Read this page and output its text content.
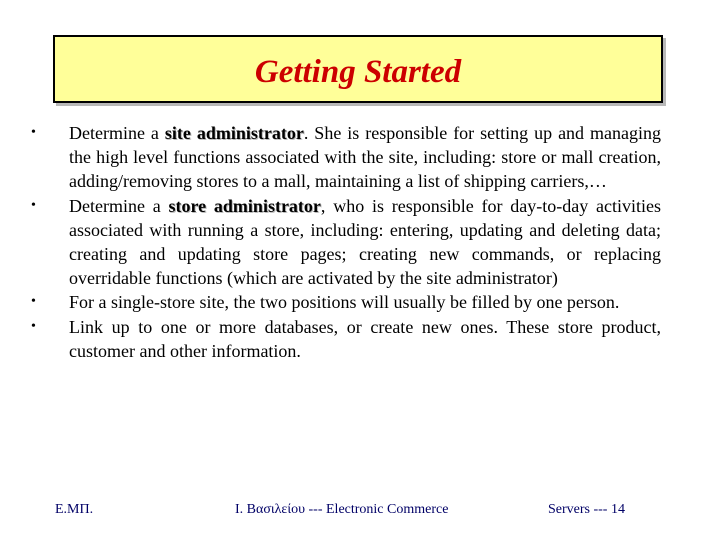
Getting Started
•	Determine a site administrator. She is responsible for setting up and managing the high level functions associated with the site, including: store or mall creation, adding/removing stores to a mall, maintaining a list of shipping carriers,…
•	Determine a store administrator, who is responsible for day-to-day activities associated with running a store, including: entering, updating and deleting data; creating and updating store pages; creating new commands, or replacing overridable functions (which are activated by the site administrator)
•	For a single-store site, the two positions will usually be filled by one person.
•	Link up to one or more databases, or create new ones. These store product, customer and other information.
Ε.ΜΠ.	Ι. Βασιλείου --- Electronic Commerce	Servers --- 14
